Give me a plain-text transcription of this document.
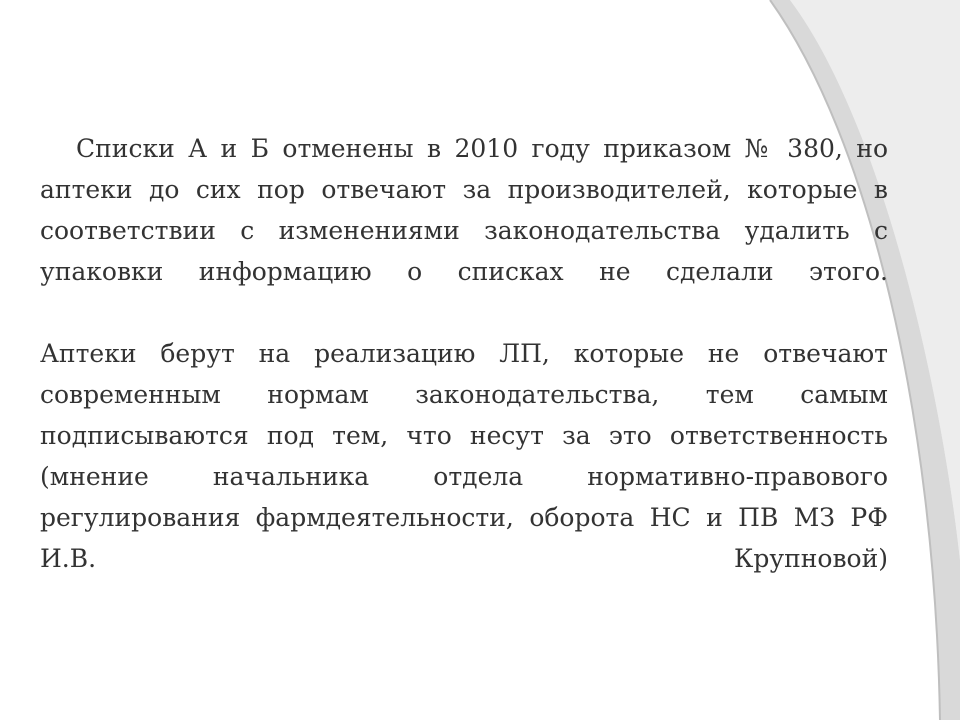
Списки А и Б отменены в 2010 году приказом № 380, но
аптеки до сих пор отвечают за производителей, которые в
соответствии с изменениями законодательства удалить с
упаковки информацию о списках не сделали этого.
Аптеки берут на реализацию ЛП, которые не отвечают
современным нормам законодательства, тем самым
подписываются под тем, что несут за это ответственность
(мнение начальника отдела нормативно-правового
регулирования фармдеятельности, оборота НС и ПВ МЗ РФ
И.В.	Крупновой)
